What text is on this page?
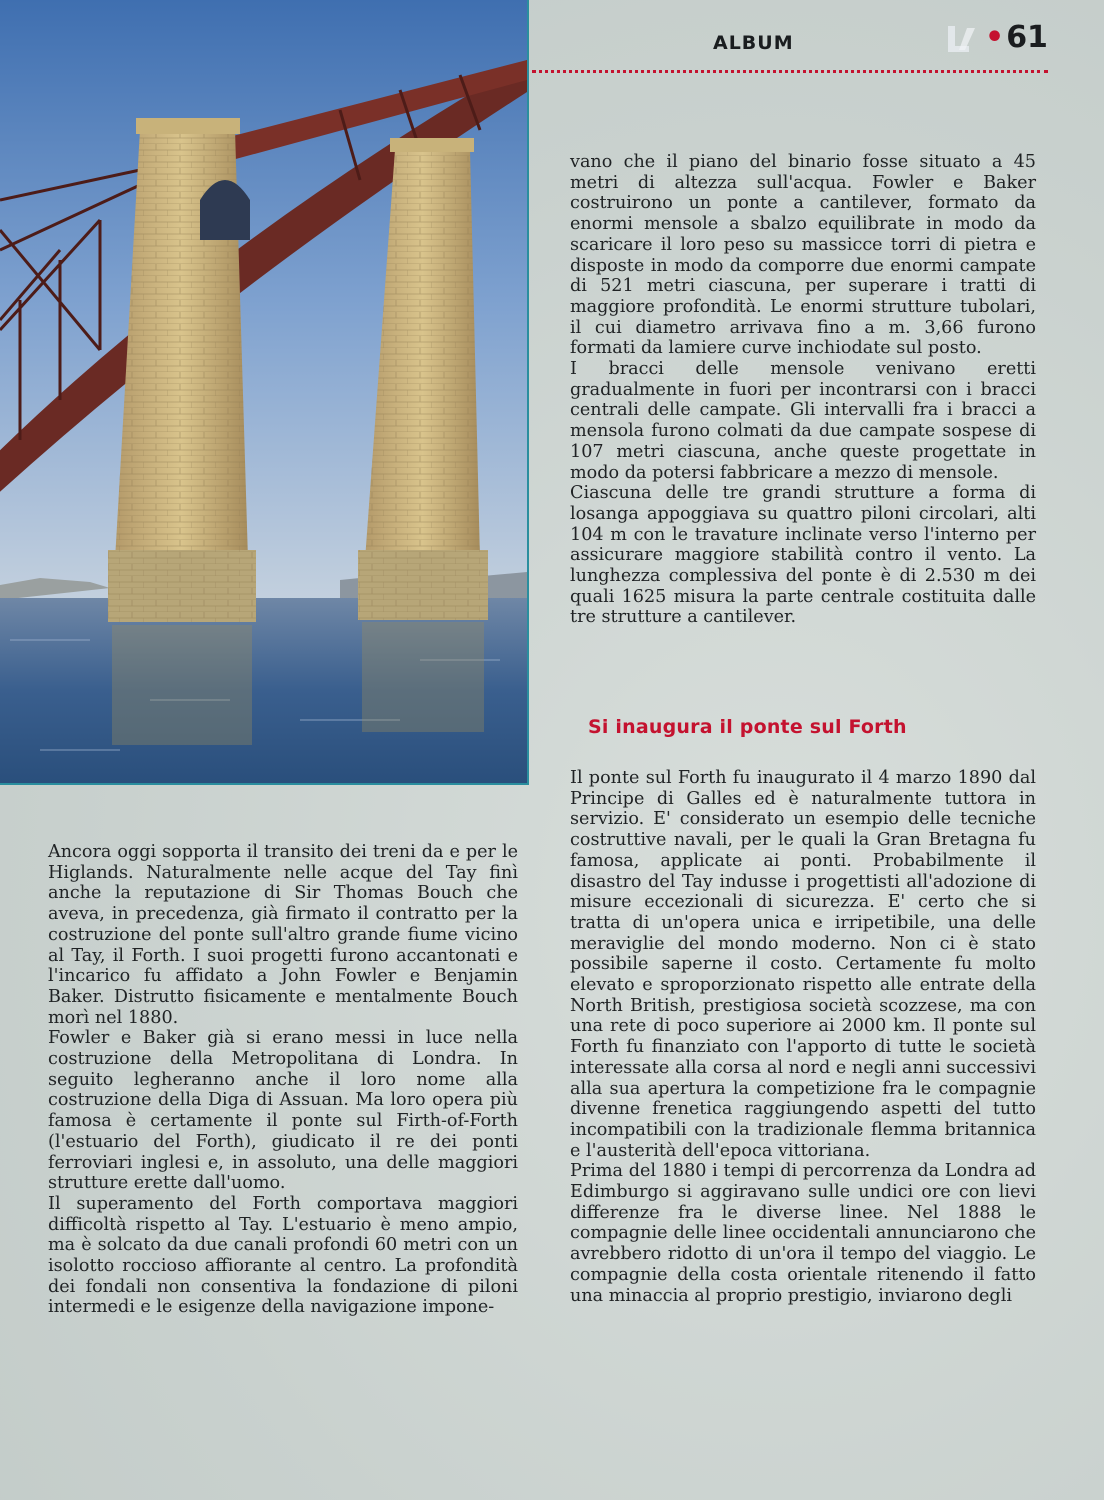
ALBUM	•61

vano che il piano del binario fosse situato a 45 metri di altezza sull'acqua. Fowler e Baker costruirono un ponte a cantilever, formato da enormi mensole a sbalzo equilibrate in modo da scaricare il loro peso su massicce torri di pietra e disposte in modo da comporre due enormi campate di 521 metri ciascuna, per superare i tratti di maggiore profondità. Le enormi strutture tubolari, il cui diametro arrivava fino a m. 3,66 furono formati da lamiere curve inchiodate sul posto.

I bracci delle mensole venivano eretti gradualmente in fuori per incontrarsi con i bracci centrali delle campate. Gli intervalli fra i bracci a mensola furono colmati da due campate sospese di 107 metri ciascuna, anche queste progettate in modo da potersi fabbricare a mezzo di mensole.

Ciascuna delle tre grandi strutture a forma di losanga appoggiava su quattro piloni circolari, alti 104 m con le travature inclinate verso l'interno per assicurare maggiore stabilità contro il vento. La lunghezza complessiva del ponte è di 2.530 m dei quali 1625 misura la parte centrale costituita dalle tre strutture a cantilever.

Si inaugura il ponte sul Forth

Il ponte sul Forth fu inaugurato il 4 marzo 1890 dal Principe di Galles ed è naturalmente tuttora in servizio. E' considerato un esempio delle tecniche costruttive navali, per le quali la Gran Bretagna fu famosa, applicate ai ponti. Probabilmente il disastro del Tay indusse i progettisti all'adozione di misure eccezionali di sicurezza. E' certo che si tratta di un'opera unica e irripetibile, una delle meraviglie del mondo moderno. Non ci è stato possibile saperne il costo. Certamente fu molto elevato e sproporzionato rispetto alle entrate della North British, prestigiosa società scozzese, ma con una rete di poco superiore ai 2000 km. Il ponte sul Forth fu finanziato con l'apporto di tutte le società interessate alla corsa al nord e negli anni successivi alla sua apertura la competizione fra le compagnie divenne frenetica raggiungendo aspetti del tutto incompatibili con la tradizionale flemma britannica e l'austerità dell'epoca vittoriana.

Prima del 1880 i tempi di percorrenza da Londra ad Edimburgo si aggiravano sulle undici ore con lievi differenze fra le diverse linee. Nel 1888 le compagnie delle linee occidentali annunciarono che avrebbero ridotto di un'ora il tempo del viaggio. Le compagnie della costa orientale ritenendo il fatto una minaccia al proprio prestigio, inviarono degli

Ancora oggi sopporta il transito dei treni da e per le Higlands. Naturalmente nelle acque del Tay finì anche la reputazione di Sir Thomas Bouch che aveva, in precedenza, già firmato il contratto per la costruzione del ponte sull'altro grande fiume vicino al Tay, il Forth. I suoi progetti furono accantonati e l'incarico fu affidato a John Fowler e Benjamin Baker. Distrutto fisicamente e mentalmente Bouch morì nel 1880.

Fowler e Baker già si erano messi in luce nella costruzione della Metropolitana di Londra. In seguito legheranno anche il loro nome alla costruzione della Diga di Assuan. Ma loro opera più famosa è certamente il ponte sul Firth-of-Forth (l'estuario del Forth), giudicato il re dei ponti ferroviari inglesi e, in assoluto, una delle maggiori strutture erette dall'uomo.

Il superamento del Forth comportava maggiori difficoltà rispetto al Tay. L'estuario è meno ampio, ma è solcato da due canali profondi 60 metri con un isolotto roccioso affiorante al centro. La profondità dei fondali non consentiva la fondazione di piloni intermedi e le esigenze della navigazione impone-
